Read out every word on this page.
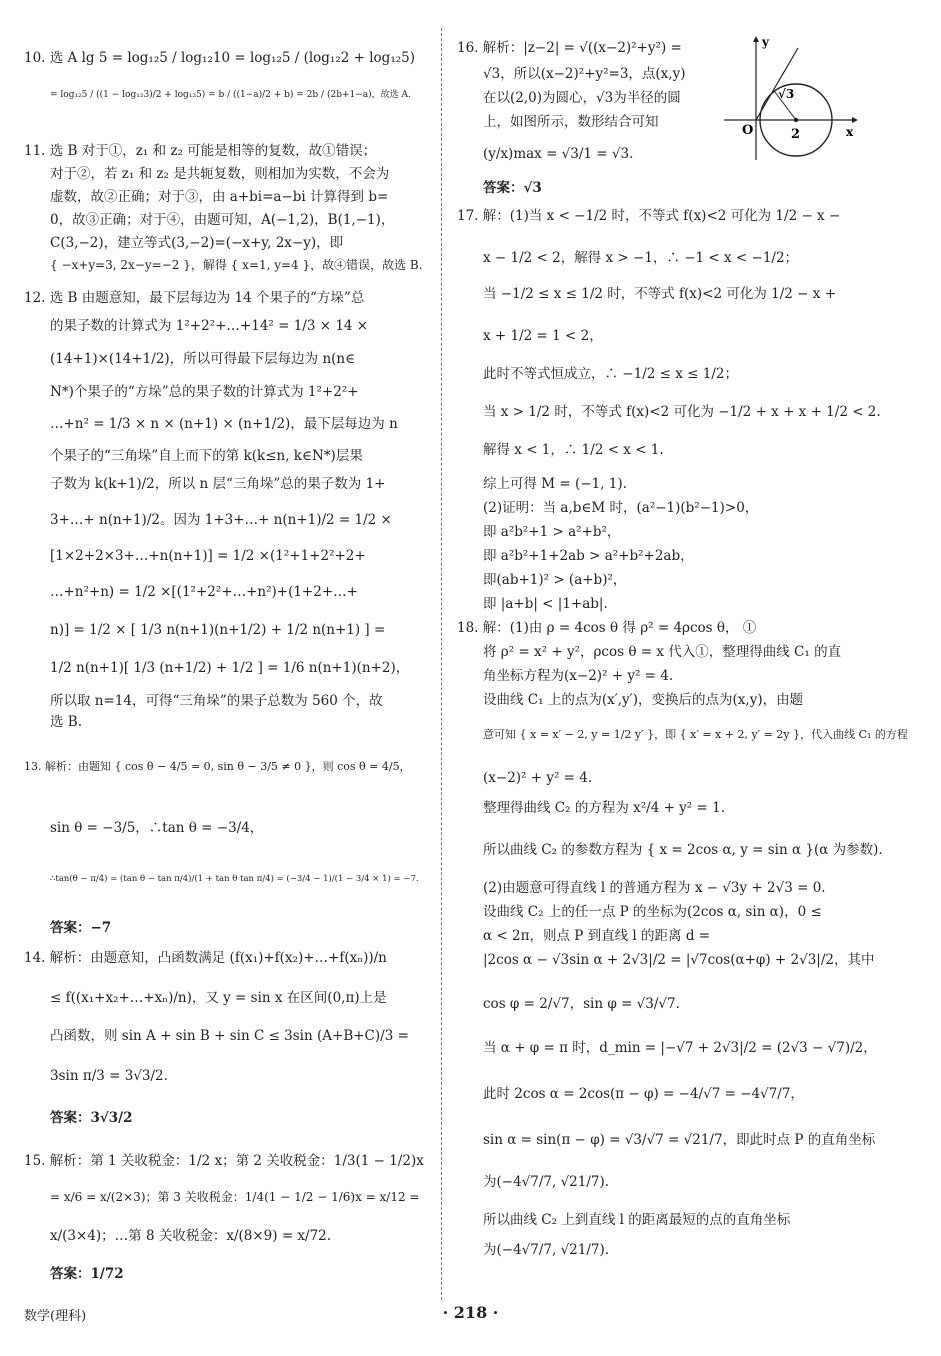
10. 选 A lg 5 = log₁₂5 / log₁₂10 = log₁₂5 / (log₁₂2 + log₁₂5)
= log₁₂5 / ((1 − log₁₂3)/2 + log₁₂5) = b / ((1−a)/2 + b) = 2b / (2b+1−a)，故选 A.
11. 选 B 对于①，z₁ 和 z₂ 可能是相等的复数，故①错误；
对于②，若 z₁ 和 z₂ 是共轭复数，则相加为实数，不会为
虚数，故②正确；对于③，由 a+bi=a−bi 计算得到 b=
0，故③正确；对于④，由题可知，A(−1,2)，B(1,−1)，
C(3,−2)，建立等式(3,−2)=(−x+y, 2x−y)，即
{ −x+y=3, 2x−y=−2 }，解得 { x=1, y=4 }，故④错误，故选 B.
12. 选 B 由题意知，最下层每边为 14 个果子的“方垛”总
的果子数的计算式为 1²+2²+…+14² = 1/3 × 14 ×
(14+1)×(14+1/2)，所以可得最下层每边为 n(n∈
N*)个果子的“方垛”总的果子数的计算式为 1²+2²+
…+n² = 1/3 × n × (n+1) × (n+1/2)，最下层每边为 n
个果子的“三角垛”自上而下的第 k(k≤n, k∈N*)层果
子数为 k(k+1)/2，所以 n 层“三角垛”总的果子数为 1+
3+…+ n(n+1)/2。因为 1+3+…+ n(n+1)/2 = 1/2 ×
[1×2+2×3+…+n(n+1)] = 1/2 ×(1²+1+2²+2+
…+n²+n) = 1/2 ×[(1²+2²+…+n²)+(1+2+…+
n)] = 1/2 × [ 1/3 n(n+1)(n+1/2) + 1/2 n(n+1) ] =
1/2 n(n+1)[ 1/3 (n+1/2) + 1/2 ] = 1/6 n(n+1)(n+2)，
所以取 n=14，可得“三角垛”的果子总数为 560 个，故
选 B.
13. 解析：由题知 { cos θ − 4/5 = 0, sin θ − 3/5 ≠ 0 }，则 cos θ = 4/5，
sin θ = −3/5，∴tan θ = −3/4，
∴tan(θ − π/4) = (tan θ − tan π/4)/(1 + tan θ tan π/4) = (−3/4 − 1)/(1 − 3/4 × 1) = −7.
答案：−7
14. 解析：由题意知，凸函数满足 (f(x₁)+f(x₂)+…+f(xₙ))/n
≤ f((x₁+x₂+…+xₙ)/n)，又 y = sin x 在区间(0,π)上是
凸函数，则 sin A + sin B + sin C ≤ 3sin (A+B+C)/3 =
3sin π/3 = 3√3/2.
答案：3√3/2
15. 解析：第 1 关收税金：1/2 x；第 2 关收税金：1/3(1 − 1/2)x
= x/6 = x/(2×3)；第 3 关收税金：1/4(1 − 1/2 − 1/6)x = x/12 =
x/(3×4)；…第 8 关收税金：x/(8×9) = x/72.
答案：1/72
16. 解析：|z−2| = √((x−2)²+y²) =
√3，所以(x−2)²+y²=3，点(x,y)
在以(2,0)为圆心，√3为半径的圆
上，如图所示，数形结合可知
(y/x)max = √3/1 = √3.
答案：√3
17. 解：(1)当 x < −1/2 时，不等式 f(x)<2 可化为 1/2 − x −
x − 1/2 < 2，解得 x > −1，∴ −1 < x < −1/2；
当 −1/2 ≤ x ≤ 1/2 时，不等式 f(x)<2 可化为 1/2 − x +
x + 1/2 = 1 < 2，
此时不等式恒成立，∴ −1/2 ≤ x ≤ 1/2；
当 x > 1/2 时，不等式 f(x)<2 可化为 −1/2 + x + x + 1/2 < 2.
解得 x < 1，∴ 1/2 < x < 1.
综上可得 M = (−1, 1).
(2)证明：当 a,b∈M 时，(a²−1)(b²−1)>0，
即 a²b²+1 > a²+b²，
即 a²b²+1+2ab > a²+b²+2ab，
即(ab+1)² > (a+b)²，
即 |a+b| < |1+ab|.
18. 解：(1)由 ρ = 4cos θ 得 ρ² = 4ρcos θ， ①
将 ρ² = x² + y²，ρcos θ = x 代入①，整理得曲线 C₁ 的直
角坐标方程为(x−2)² + y² = 4.
设曲线 C₁ 上的点为(x′,y′)，变换后的点为(x,y)，由题
意可知 { x = x′ − 2, y = 1/2 y′ }，即 { x′ = x + 2, y′ = 2y }，代入曲线 C₁ 的方程
(x−2)² + y² = 4.
整理得曲线 C₂ 的方程为 x²/4 + y² = 1.
所以曲线 C₂ 的参数方程为 { x = 2cos α, y = sin α }(α 为参数).
(2)由题意可得直线 l 的普通方程为 x − √3y + 2√3 = 0.
设曲线 C₂ 上的任一点 P 的坐标为(2cos α, sin α)，0 ≤
α < 2π，则点 P 到直线 l 的距离 d =
|2cos α − √3sin α + 2√3|/2 = |√7cos(α+φ) + 2√3|/2，其中
cos φ = 2/√7，sin φ = √3/√7.
当 α + φ = π 时，d_min = |−√7 + 2√3|/2 = (2√3 − √7)/2，
此时 2cos α = 2cos(π − φ) = −4/√7 = −4√7/7，
sin α = sin(π − φ) = √3/√7 = √21/7，即此时点 P 的直角坐标
为(−4√7/7, √21/7).
所以曲线 C₂ 上到直线 l 的距离最短的点的直角坐标
为(−4√7/7, √21/7).
y
x
O	2
√3
数学(理科)	· 218 ·
